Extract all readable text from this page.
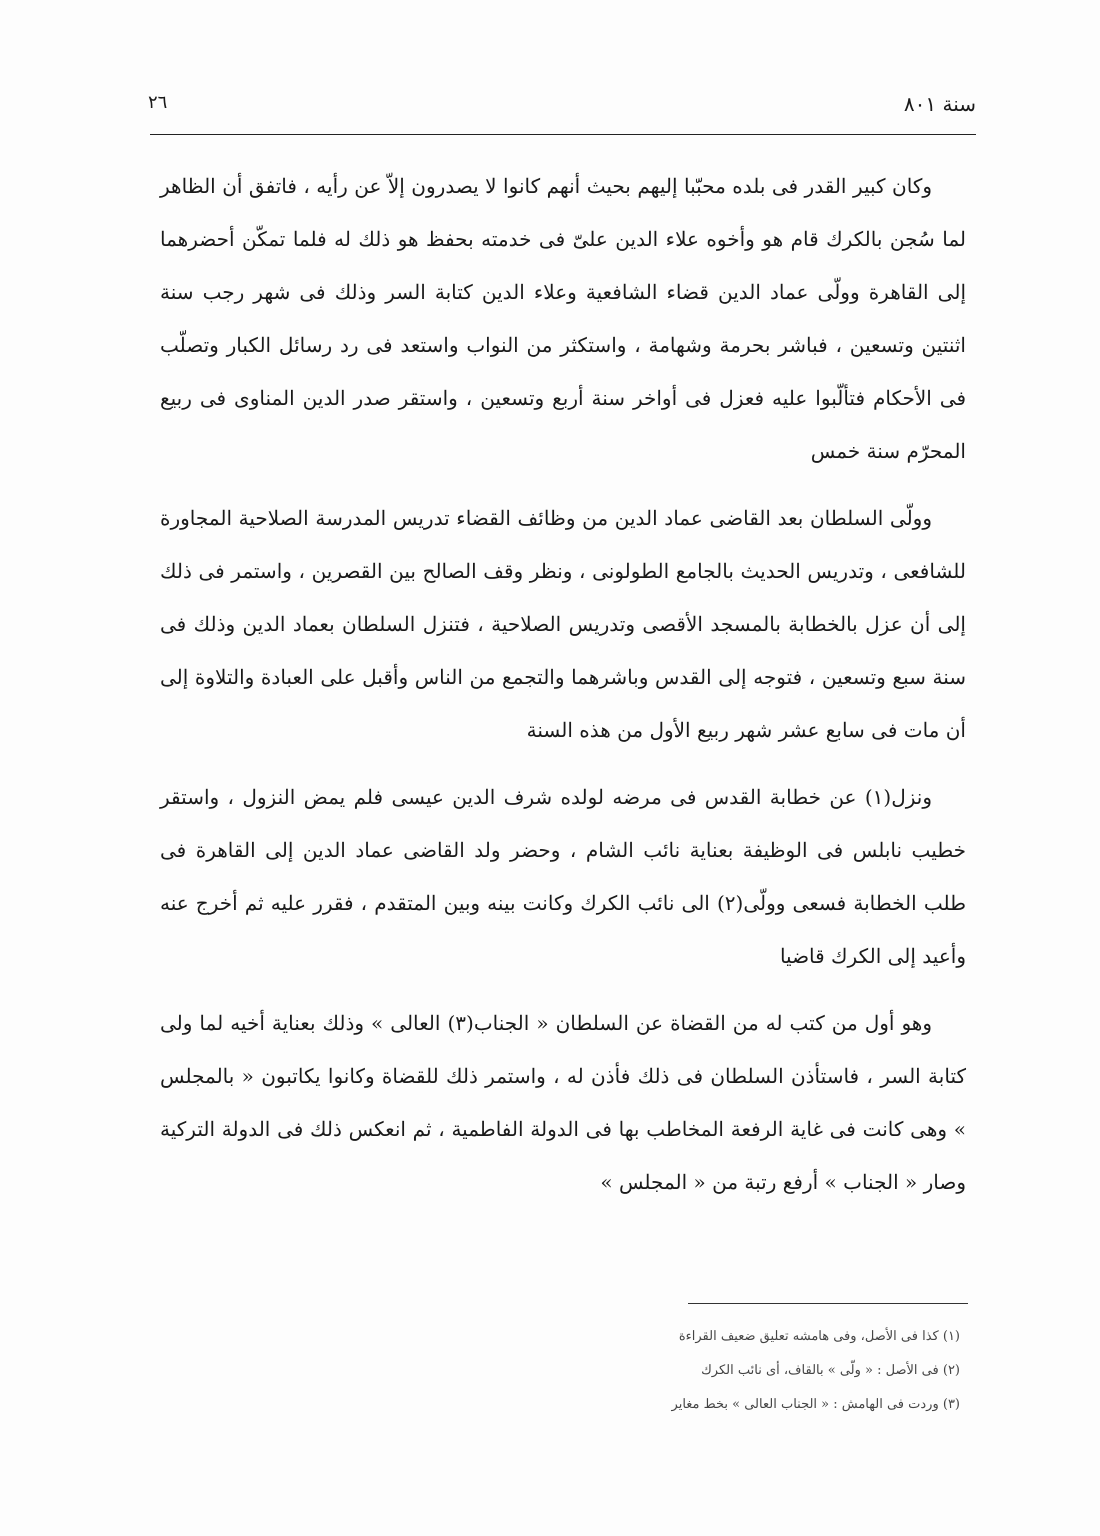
سنة ٨٠١
٢٦

وكان كبير القدر فى بلده محبّبا إليهم بحيث أنهم كانوا لا يصدرون إلاّ عن رأيه ، فاتفق أن الظاهر لما سُجن بالكرك قام هو وأخوه علاء الدين علىّ فى خدمته بحفظ هو ذلك له فلما تمكّن أحضرهما إلى القاهرة وولّى عماد الدين قضاء الشافعية وعلاء الدين كتابة السر وذلك فى شهر رجب سنة اثنتين وتسعين ، فباشر بحرمة وشهامة ، واستكثر من النواب واستعد فى رد رسائل الكبار وتصلّب فى الأحكام فتألّبوا عليه فعزل فى أواخر سنة أربع وتسعين ، واستقر صدر الدين المناوى فى ربيع المحرّم سنة خمس

وولّى السلطان بعد القاضى عماد الدين من وظائف القضاء تدريس المدرسة الصلاحية المجاورة للشافعى ، وتدريس الحديث بالجامع الطولونى ، ونظر وقف الصالح بين القصرين ، واستمر فى ذلك إلى أن عزل بالخطابة بالمسجد الأقصى وتدريس الصلاحية ، فتنزل السلطان بعماد الدين وذلك فى سنة سبع وتسعين ، فتوجه إلى القدس وباشرهما والتجمع من الناس وأقبل على العبادة والتلاوة إلى أن مات فى سابع عشر شهر ربيع الأول من هذه السنة

ونزل(١) عن خطابة القدس فى مرضه لولده شرف الدين عيسى فلم يمض النزول ، واستقر خطيب نابلس فى الوظيفة بعناية نائب الشام ، وحضر ولد القاضى عماد الدين إلى القاهرة فى طلب الخطابة فسعى وولّى(٢) الى نائب الكرك وكانت بينه وبين المتقدم ، فقرر عليه ثم أخرج عنه وأعيد إلى الكرك قاضيا

وهو أول من كتب له من القضاة عن السلطان « الجناب(٣) العالى » وذلك بعناية أخيه لما ولى كتابة السر ، فاستأذن السلطان فى ذلك فأذن له ، واستمر ذلك للقضاة وكانوا يكاتبون « بالمجلس » وهى كانت فى غاية الرفعة المخاطب بها فى الدولة الفاطمية ، ثم انعكس ذلك فى الدولة التركية وصار « الجناب » أرفع رتبة من « المجلس »

(١) كذا فى الأصل، وفى هامشه تعليق ضعيف القراءة
(٢) فى الأصل : « ولّى » بالقاف، أى نائب الكرك
(٣) وردت فى الهامش : « الجناب العالى » بخط مغاير
